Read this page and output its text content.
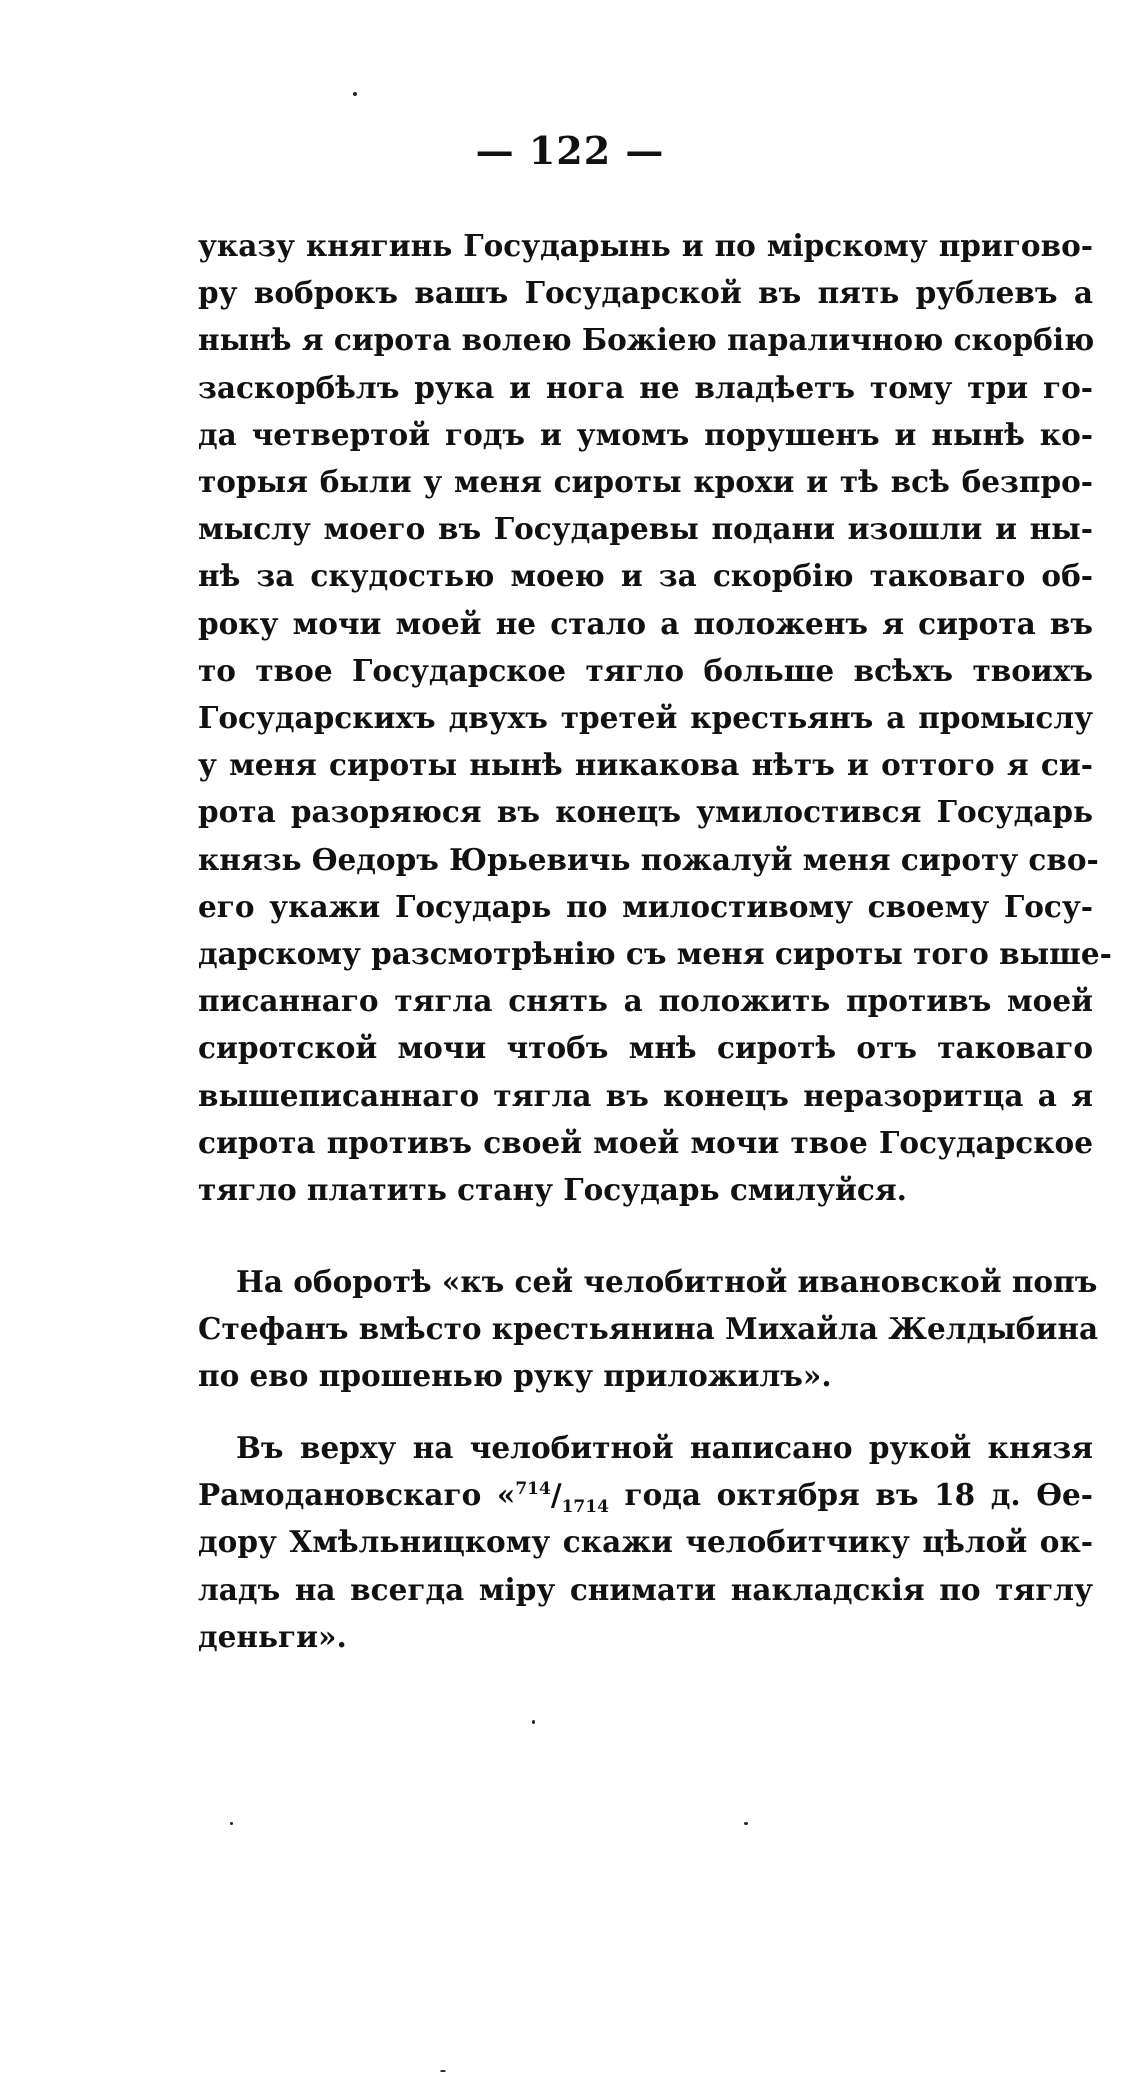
— 122 —
указу княгинь Государынь и по мірскому пригово-
ру воброкъ вашъ Государской въ пять рублевъ а
нынѣ я сирота волею Божіею параличною скорбію
заскорбѣлъ рука и нога не владѣетъ тому три го-
да четвертой годъ и умомъ порушенъ и нынѣ ко-
торыя были у меня сироты крохи и тѣ всѣ безпро-
мыслу моего въ Государевы подани изошли и ны-
нѣ за скудостью моею и за скорбію таковаго об-
року мочи моей не стало а положенъ я сирота въ
то твое Государское тягло больше всѣхъ твоихъ
Государскихъ двухъ третей крестьянъ а промыслу
у меня сироты нынѣ никакова нѣтъ и оттого я си-
рота разоряюся въ конецъ умилостився Государь
князь Ѳедоръ Юрьевичь пожалуй меня сироту сво-
его укажи Государь по милостивому своему Госу-
дарскому разсмотрѣнію съ меня сироты того выше-
писаннаго тягла снять а положить противъ моей
сиротской мочи чтобъ мнѣ сиротѣ отъ таковаго
вышеписаннаго тягла въ конецъ неразоритца а я
сирота противъ своей моей мочи твое Государское
тягло платить стану Государь смилуйся.
На оборотѣ «къ сей челобитной ивановской попъ
Стефанъ вмѣсто крестьянина Михайла Желдыбина
по ево прошенью руку приложилъ».
Въ верху на челобитной написано рукой князя
Рамодановскаго «$^{714}/_{1714}$ года октября въ 18 д. Ѳе-
дору Хмѣльницкому скажи челобитчику цѣлой ок-
ладъ на всегда міру снимати накладскія по тяглу
деньги».
